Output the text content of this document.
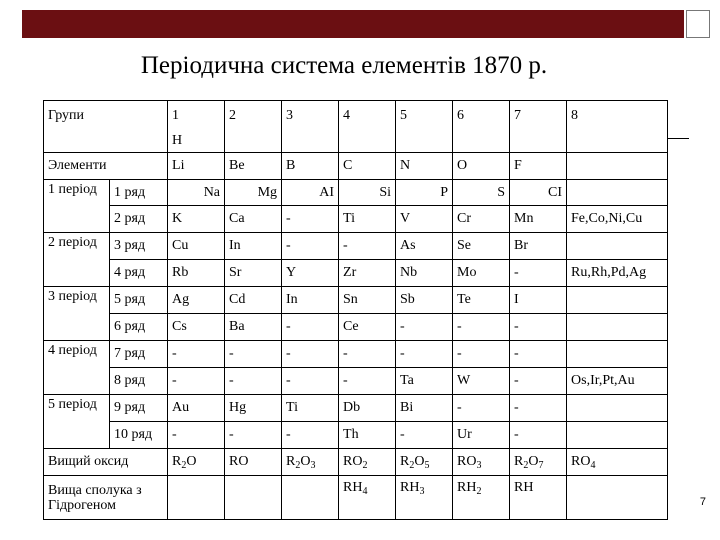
Періодична система елементів 1870 р.
Групи		1	2	3	4	5	6	7	8
		H							
Элементи		Li	Be	B	C	N	O	F	
1 період	1 ряд	Na	Mg	AI	Si	P	S	CI	
	2 ряд	K	Ca	-	Ti	V	Cr	Mn	Fe,Co,Ni,Cu
2 період	3 ряд	Cu	In	-	-	As	Se	Br	
	4 ряд	Rb	Sr	Y	Zr	Nb	Mo	-	Ru,Rh,Pd,Ag
3 період	5 ряд	Ag	Cd	In	Sn	Sb	Te	I	
	6 ряд	Cs	Ba	-	Ce	-	-	-	
4 період	7 ряд	-	-	-	-	-	-	-	
	8 ряд	-	-	-	-	Ta	W	-	Os,Ir,Pt,Au
5 період	9 ряд	Au	Hg	Ti	Db	Bi	-	-	
	10 ряд	-	-	-	Th	-	Ur	-	
Вищий оксид		$R_2O$	RO	$R_2O_3$	$RO_2$	$R_2O_5$	$RO_3$	$R_2O_7$	$RO_4$
Вища сполука з Гідрогеном					$RH_4$	$RH_3$	$RH_2$	RH	
7
